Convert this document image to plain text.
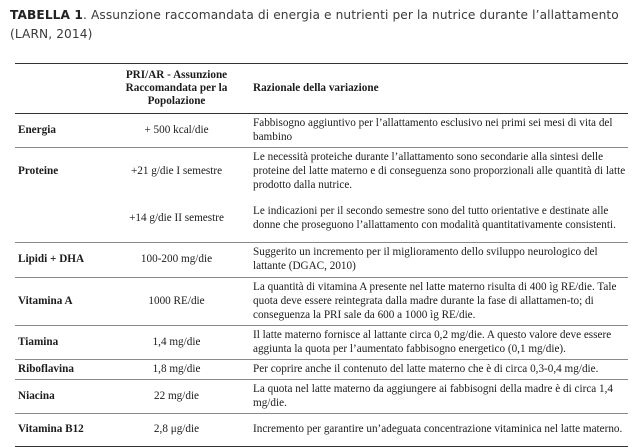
TABELLA 1. Assunzione raccomandata di energia e nutrienti per la nutrice durante l’allattamento (LARN, 2014)
	PRI/AR - Assunzione Raccomandata per la Popolazione	Razionale della variazione
Energia	+ 500 kcal/die	Fabbisogno aggiuntivo per l’allattamento esclusivo nei primi sei mesi di vita del bambino
Proteine	+21 g/die I semestre	Le necessità proteiche durante l’allattamento sono secondarie alla sintesi delle proteine del latte materno e di conseguenza sono proporzionali alle quantità di latte prodotto dalla nutrice.
	+14 g/die II semestre	Le indicazioni per il secondo semestre sono del tutto orientative e destinate alle donne che proseguono l’allattamento con modalità quantitativamente consistenti.
Lipidi + DHA	100-200 mg/die	Suggerito un incremento per il miglioramento dello sviluppo neurologico del lattante (DGAC, 2010)
Vitamina A	1000 RE/die	La quantità di vitamina A presente nel latte materno risulta di 400 ìg RE/die. Tale quota deve essere reintegrata dalla madre durante la fase di allattamen-to; di conseguenza la PRI sale da 600 a 1000 ìg RE/die.
Tiamina	1,4 mg/die	Il latte materno fornisce al lattante circa 0,2 mg/die. A questo valore deve essere aggiunta la quota per l’aumentato fabbisogno energetico (0,1 mg/die).
Riboflavina	1,8 mg/die	Per coprire anche il contenuto del latte materno che è di circa 0,3-0,4 mg/die.
Niacina	22 mg/die	La quota nel latte materno da aggiungere ai fabbisogni della madre è di circa 1,4 mg/die.
Vitamina B12	2,8 μg/die	Incremento per garantire un’adeguata concentrazione vitaminica nel latte materno.
